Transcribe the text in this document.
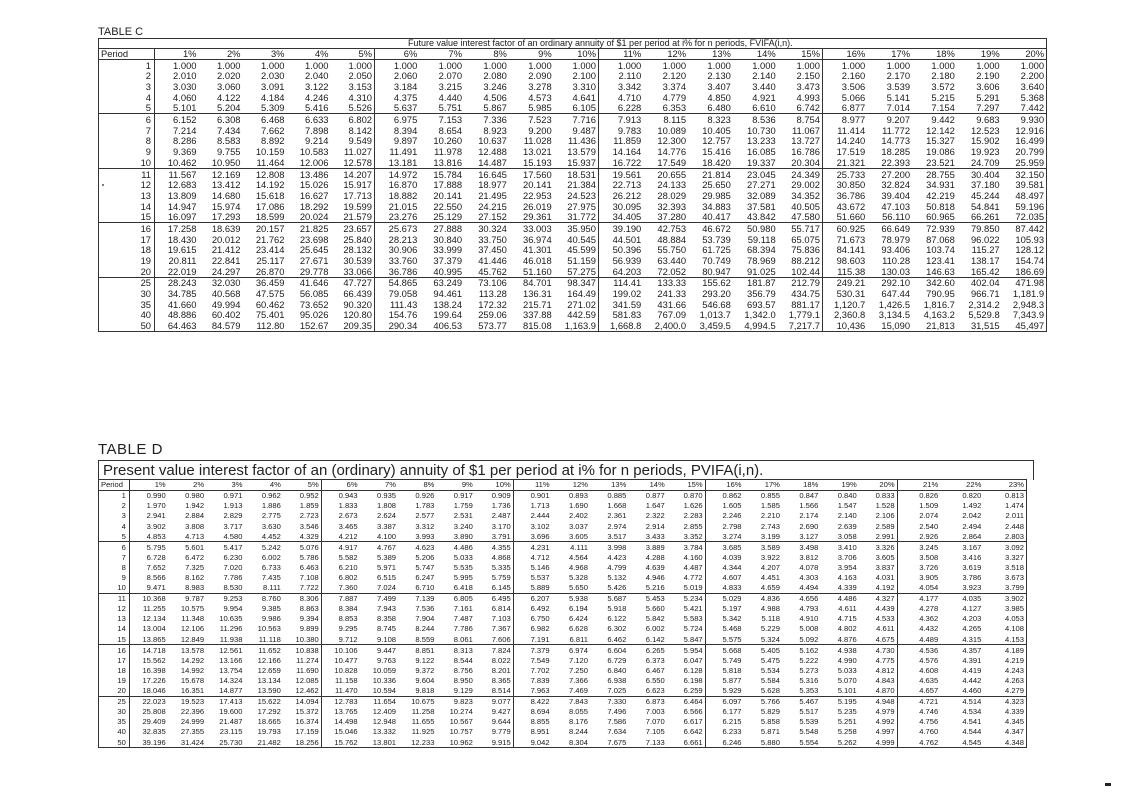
TABLE C
	Future value interest factor of an ordinary annuity of $1 per period at i% for n periods, FVIFA(i,n).																			
Period	1%	2%	3%	4%	5%	6%	7%	8%	9%	10%	11%	12%	13%	14%	15%	16%	17%	18%	19%	20%
1	1.000	1.000	1.000	1.000	1.000	1.000	1.000	1.000	1.000	1.000	1.000	1.000	1.000	1.000	1.000	1.000	1.000	1.000	1.000	1.000
2	2.010	2.020	2.030	2.040	2.050	2.060	2.070	2.080	2.090	2.100	2.110	2.120	2.130	2.140	2.150	2.160	2.170	2.180	2.190	2.200
3	3.030	3.060	3.091	3.122	3.153	3.184	3.215	3.246	3.278	3.310	3.342	3.374	3.407	3.440	3.473	3.506	3.539	3.572	3.606	3.640
4	4.060	4.122	4.184	4.246	4.310	4.375	4.440	4.506	4.573	4.641	4.710	4.779	4.850	4.921	4.993	5.066	5.141	5.215	5.291	5.368
5	5.101	5.204	5.309	5.416	5.526	5.637	5.751	5.867	5.985	6.105	6.228	6.353	6.480	6.610	6.742	6.877	7.014	7.154	7.297	7.442
6	6.152	6.308	6.468	6.633	6.802	6.975	7.153	7.336	7.523	7.716	7.913	8.115	8.323	8.536	8.754	8.977	9.207	9.442	9.683	9.930
7	7.214	7.434	7.662	7.898	8.142	8.394	8.654	8.923	9.200	9.487	9.783	10.089	10.405	10.730	11.067	11.414	11.772	12.142	12.523	12.916
8	8.286	8.583	8.892	9.214	9.549	9.897	10.260	10.637	11.028	11.436	11.859	12.300	12.757	13.233	13.727	14.240	14.773	15.327	15.902	16.499
9	9.369	9.755	10.159	10.583	11.027	11.491	11.978	12.488	13.021	13.579	14.164	14.776	15.416	16.085	16.786	17.519	18.285	19.086	19.923	20.799
10	10.462	10.950	11.464	12.006	12.578	13.181	13.816	14.487	15.193	15.937	16.722	17.549	18.420	19.337	20.304	21.321	22.393	23.521	24.709	25.959
11	11.567	12.169	12.808	13.486	14.207	14.972	15.784	16.645	17.560	18.531	19.561	20.655	21.814	23.045	24.349	25.733	27.200	28.755	30.404	32.150
12	12.683	13.412	14.192	15.026	15.917	16.870	17.888	18.977	20.141	21.384	22.713	24.133	25.650	27.271	29.002	30.850	32.824	34.931	37.180	39.581
13	13.809	14.680	15.618	16.627	17.713	18.882	20.141	21.495	22.953	24.523	26.212	28.029	29.985	32.089	34.352	36.786	39.404	42.219	45.244	48.497
14	14.947	15.974	17.086	18.292	19.599	21.015	22.550	24.215	26.019	27.975	30.095	32.393	34.883	37.581	40.505	43.672	47.103	50.818	54.841	59.196
15	16.097	17.293	18.599	20.024	21.579	23.276	25.129	27.152	29.361	31.772	34.405	37.280	40.417	43.842	47.580	51.660	56.110	60.965	66.261	72.035
16	17.258	18.639	20.157	21.825	23.657	25.673	27.888	30.324	33.003	35.950	39.190	42.753	46.672	50.980	55.717	60.925	66.649	72.939	79.850	87.442
17	18.430	20.012	21.762	23.698	25.840	28.213	30.840	33.750	36.974	40.545	44.501	48.884	53.739	59.118	65.075	71.673	78.979	87.068	96.022	105.93
18	19.615	21.412	23.414	25.645	28.132	30.906	33.999	37.450	41.301	45.599	50.396	55.750	61.725	68.394	75.836	84.141	93.406	103.74	115.27	128.12
19	20.811	22.841	25.117	27.671	30.539	33.760	37.379	41.446	46.018	51.159	56.939	63.440	70.749	78.969	88.212	98.603	110.28	123.41	138.17	154.74
20	22.019	24.297	26.870	29.778	33.066	36.786	40.995	45.762	51.160	57.275	64.203	72.052	80.947	91.025	102.44	115.38	130.03	146.63	165.42	186.69
25	28.243	32.030	36.459	41.646	47.727	54.865	63.249	73.106	84.701	98.347	114.41	133.33	155.62	181.87	212.79	249.21	292.10	342.60	402.04	471.98
30	34.785	40.568	47.575	56.085	66.439	79.058	94.461	113.28	136.31	164.49	199.02	241.33	293.20	356.79	434.75	530.31	647.44	790.95	966.71	1,181.9
35	41.660	49.994	60.462	73.652	90.320	111.43	138.24	172.32	215.71	271.02	341.59	431.66	546.68	693.57	881.17	1,120.7	1,426.5	1,816.7	2,314.2	2,948.3
40	48.886	60.402	75.401	95.026	120.80	154.76	199.64	259.06	337.88	442.59	581.83	767.09	1,013.7	1,342.0	1,779.1	2,360.8	3,134.5	4,163.2	5,529.8	7,343.9
50	64.463	84.579	112.80	152.67	209.35	290.34	406.53	573.77	815.08	1,163.9	1,668.8	2,400.0	3,459.5	4,994.5	7,217.7	10,436	15,090	21,813	31,515	45,497
TABLE D
Present value interest factor of an (ordinary) annuity of $1 per period at i% for n periods, PVIFA(i,n).
Period	1%	2%	3%	4%	5%	6%	7%	8%	9%	10%	11%	12%	13%	14%	15%	16%	17%	18%	19%	20%	21%	22%	23%
1	0.990	0.980	0.971	0.962	0.952	0.943	0.935	0.926	0.917	0.909	0.901	0.893	0.885	0.877	0.870	0.862	0.855	0.847	0.840	0.833	0.826	0.820	0.813
2	1.970	1.942	1.913	1.886	1.859	1.833	1.808	1.783	1.759	1.736	1.713	1.690	1.668	1.647	1.626	1.605	1.585	1.566	1.547	1.528	1.509	1.492	1.474
3	2.941	2.884	2.829	2.775	2.723	2.673	2.624	2.577	2.531	2.487	2.444	2.402	2.361	2.322	2.283	2.246	2.210	2.174	2.140	2.106	2.074	2.042	2.011
4	3.902	3.808	3.717	3.630	3.546	3.465	3.387	3.312	3.240	3.170	3.102	3.037	2.974	2.914	2.855	2.798	2.743	2.690	2.639	2.589	2.540	2.494	2.448
5	4.853	4.713	4.580	4.452	4.329	4.212	4.100	3.993	3.890	3.791	3.696	3.605	3.517	3.433	3.352	3.274	3.199	3.127	3.058	2.991	2.926	2.864	2.803
6	5.795	5.601	5.417	5.242	5.076	4.917	4.767	4.623	4.486	4.355	4.231	4.111	3.998	3.889	3.784	3.685	3.589	3.498	3.410	3.326	3.245	3.167	3.092
7	6.728	6.472	6.230	6.002	5.786	5.582	5.389	5.206	5.033	4.868	4.712	4.564	4.423	4.288	4.160	4.039	3.922	3.812	3.706	3.605	3.508	3.416	3.327
8	7.652	7.325	7.020	6.733	6.463	6.210	5.971	5.747	5.535	5.335	5.146	4.968	4.799	4.639	4.487	4.344	4.207	4.078	3.954	3.837	3.726	3.619	3.518
9	8.566	8.162	7.786	7.435	7.108	6.802	6.515	6.247	5.995	5.759	5.537	5.328	5.132	4.946	4.772	4.607	4.451	4.303	4.163	4.031	3.905	3.786	3.673
10	9.471	8.983	8.530	8.111	7.722	7.360	7.024	6.710	6.418	6.145	5.889	5.650	5.426	5.216	5.019	4.833	4.659	4.494	4.339	4.192	4.054	3.923	3.799
11	10.368	9.787	9.253	8.760	8.306	7.887	7.499	7.139	6.805	6.495	6.207	5.938	5.687	5.453	5.234	5.029	4.836	4.656	4.486	4.327	4.177	4.035	3.902
12	11.255	10.575	9.954	9.385	8.863	8.384	7.943	7.536	7.161	6.814	6.492	6.194	5.918	5.660	5.421	5.197	4.988	4.793	4.611	4.439	4.278	4.127	3.985
13	12.134	11.348	10.635	9.986	9.394	8.853	8.358	7.904	7.487	7.103	6.750	6.424	6.122	5.842	5.583	5.342	5.118	4.910	4.715	4.533	4.362	4.203	4.053
14	13.004	12.106	11.296	10.563	9.899	9.295	8.745	8.244	7.786	7.367	6.982	6.628	6.302	6.002	5.724	5.468	5.229	5.008	4.802	4.611	4.432	4.265	4.108
15	13.865	12.849	11.938	11.118	10.380	9.712	9.108	8.559	8.061	7.606	7.191	6.811	6.462	6.142	5.847	5.575	5.324	5.092	4.876	4.675	4.489	4.315	4.153
16	14.718	13.578	12.561	11.652	10.838	10.106	9.447	8.851	8.313	7.824	7.379	6.974	6.604	6.265	5.954	5.668	5.405	5.162	4.938	4.730	4.536	4.357	4.189
17	15.562	14.292	13.166	12.166	11.274	10.477	9.763	9.122	8.544	8.022	7.549	7.120	6.729	6.373	6.047	5.749	5.475	5.222	4.990	4.775	4.576	4.391	4.219
18	16.398	14.992	13.754	12.659	11.690	10.828	10.059	9.372	8.756	8.201	7.702	7.250	6.840	6.467	6.128	5.818	5.534	5.273	5.033	4.812	4.608	4.419	4.243
19	17.226	15.678	14.324	13.134	12.085	11.158	10.336	9.604	8.950	8.365	7.839	7.366	6.938	6.550	6.198	5.877	5.584	5.316	5.070	4.843	4.635	4.442	4.263
20	18.046	16.351	14.877	13.590	12.462	11.470	10.594	9.818	9.129	8.514	7.963	7.469	7.025	6.623	6.259	5.929	5.628	5.353	5.101	4.870	4.657	4.460	4.279
25	22.023	19.523	17.413	15.622	14.094	12.783	11.654	10.675	9.823	9.077	8.422	7.843	7.330	6.873	6.464	6.097	5.766	5.467	5.195	4.948	4.721	4.514	4.323
30	25.808	22.396	19.600	17.292	15.372	13.765	12.409	11.258	10.274	9.427	8.694	8.055	7.496	7.003	6.566	6.177	5.829	5.517	5.235	4.979	4.746	4.534	4.339
35	29.409	24.999	21.487	18.665	16.374	14.498	12.948	11.655	10.567	9.644	8.855	8.176	7.586	7.070	6.617	6.215	5.858	5.539	5.251	4.992	4.756	4.541	4.345
40	32.835	27.355	23.115	19.793	17.159	15.046	13.332	11.925	10.757	9.779	8.951	8.244	7.634	7.105	6.642	6.233	5.871	5.548	5.258	4.997	4.760	4.544	4.347
50	39.196	31.424	25.730	21.482	18.256	15.762	13.801	12.233	10.962	9.915	9.042	8.304	7.675	7.133	6.661	6.246	5.880	5.554	5.262	4.999	4.762	4.545	4.348
